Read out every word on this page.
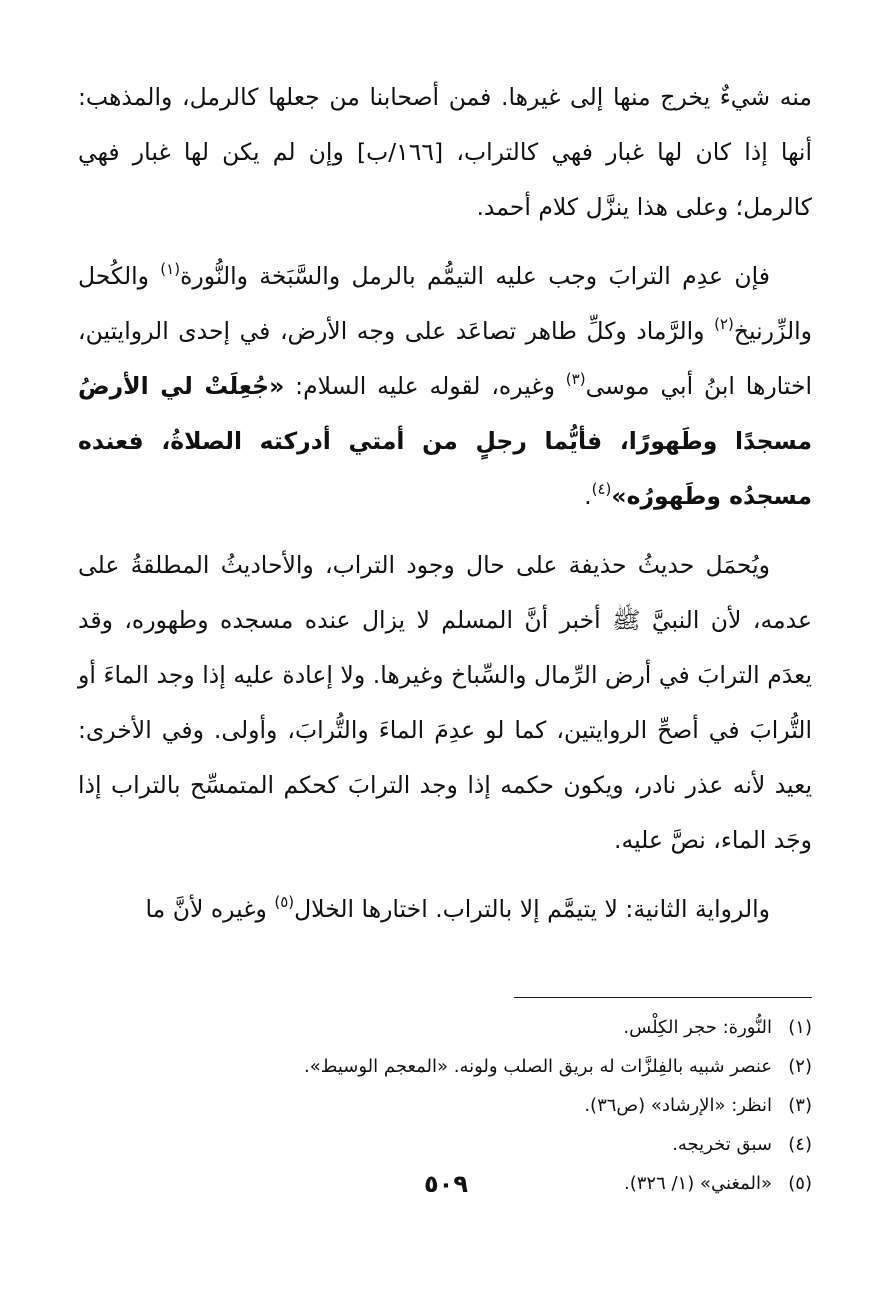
منه شيءٌ يخرج منها إلى غيرها. فمن أصحابنا من جعلها كالرمل، والمذهب: أنها إذا كان لها غبار فهي كالتراب، [١٦٦/ب] وإن لم يكن لها غبار فهي كالرمل؛ وعلى هذا ينزَّل كلام أحمد.

فإن عدِم الترابَ وجب عليه التيمُّم بالرمل والسَّبَخة والنُّورة$^{(١)}$ والكُحل والزِّرنيخ$^{(٢)}$ والرَّماد وكلِّ طاهر تصاعَد على وجه الأرض، في إحدى الروايتين، اختارها ابنُ أبي موسى$^{(٣)}$ وغيره، لقوله عليه السلام: «جُعِلَتْ لي الأرضُ مسجدًا وطَهورًا، فأيُّما رجلٍ من أمتي أدركته الصلاةُ، فعنده مسجدُه وطَهورُه»$^{(٤)}$.

ويُحمَل حديثُ حذيفة على حال وجود التراب، والأحاديثُ المطلقةُ على عدمه، لأن النبيَّ ﷺ أخبر أنَّ المسلم لا يزال عنده مسجده وطهوره، وقد يعدَم الترابَ في أرض الرِّمال والسِّباخ وغيرها. ولا إعادة عليه إذا وجد الماءَ أو التُّرابَ في أصحِّ الروايتين، كما لو عدِمَ الماءَ والتُّرابَ، وأولى. وفي الأخرى: يعيد لأنه عذر نادر، ويكون حكمه إذا وجد الترابَ كحكم المتمسِّح بالتراب إذا وجَد الماء، نصَّ عليه.

والرواية الثانية: لا يتيمَّم إلا بالتراب. اختارها الخلال$^{(٥)}$ وغيره لأنَّ ما

(١)النُّورة: حجر الكِلْس.
(٢)عنصر شبيه بالفِلزَّات له بريق الصلب ولونه. «المعجم الوسيط».
(٣)انظر: «الإرشاد» (ص٣٦).
(٤)سبق تخريجه.
(٥)«المغني» (١/ ٣٢٦).
٥٠٩
